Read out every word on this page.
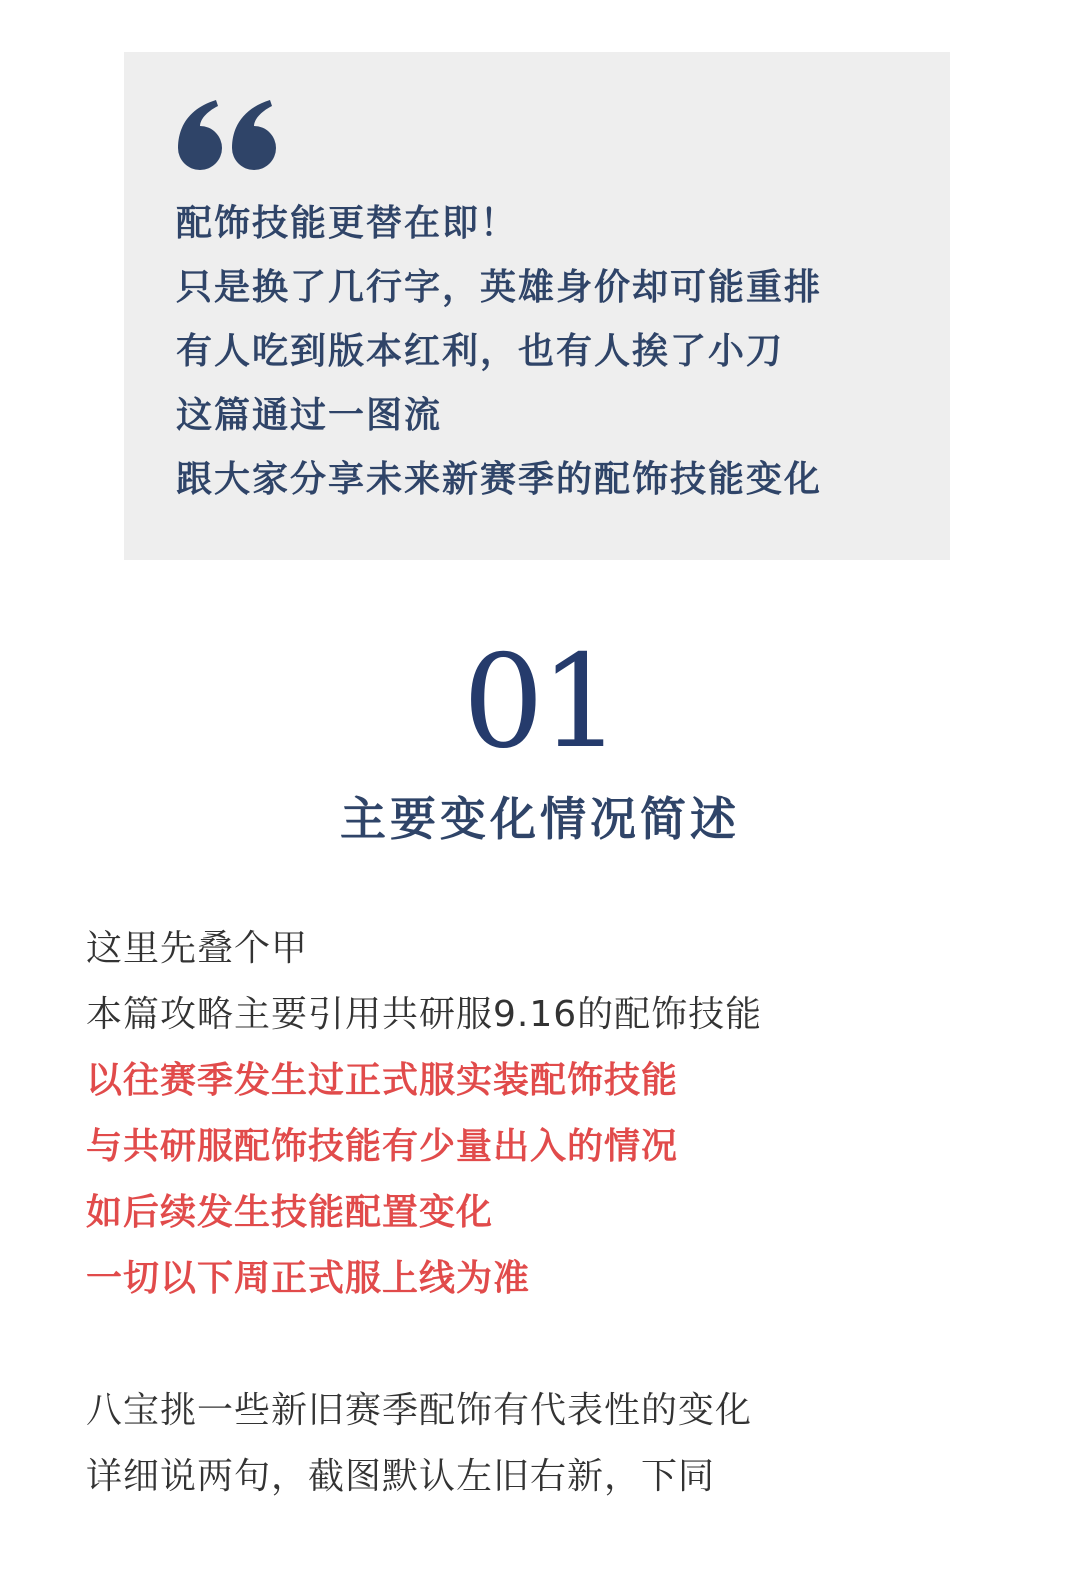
配饰技能更替在即！
只是换了几行字，英雄身价却可能重排
有人吃到版本红利，也有人挨了小刀
这篇通过一图流
跟大家分享未来新赛季的配饰技能变化
01
主要变化情况简述
这里先叠个甲
本篇攻略主要引用共研服9.16的配饰技能
以往赛季发生过正式服实装配饰技能
与共研服配饰技能有少量出入的情况
如后续发生技能配置变化
一切以下周正式服上线为准
八宝挑一些新旧赛季配饰有代表性的变化
详细说两句，截图默认左旧右新，下同
